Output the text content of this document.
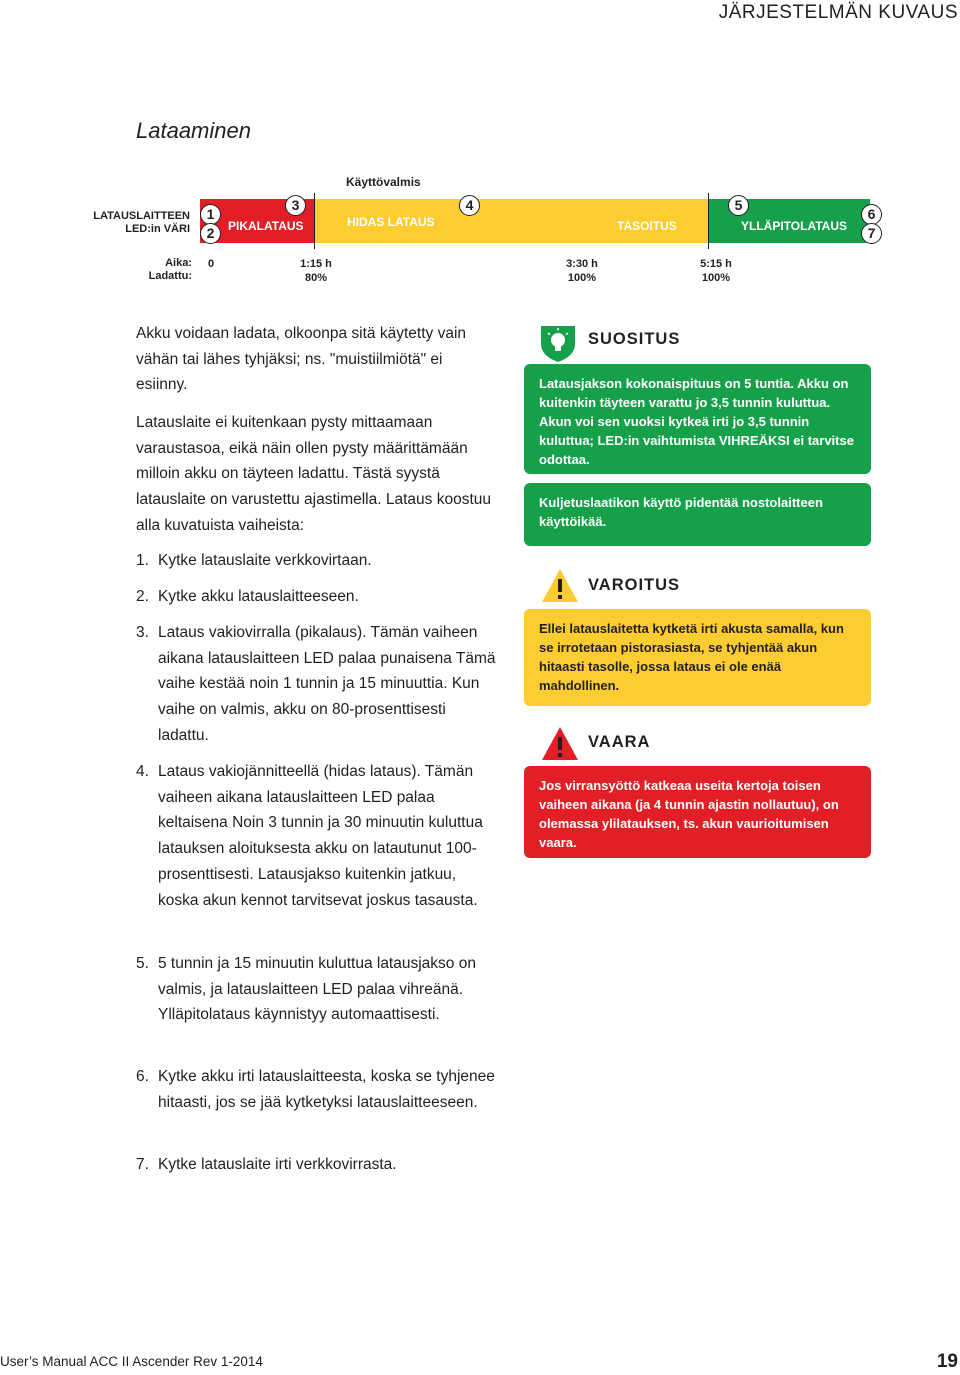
JÄRJESTELMÄN KUVAUS
Lataaminen
Käyttövalmis
LATAUSLAITTEEN
LED:in VÄRI	PIKALATAUS	HIDAS LATAUS	TASOITUS	YLLÄPITOLATAUS
1
2
3	4	5
6
7
Aika:
Ladattu:
0	1:15 h
80%
3:30 h
100%
5:15 h
100%
Akku voidaan ladata, olkoonpa sitä käytetty vain vähän tai lähes tyhjäksi; ns. "muistiilmiötä" ei esiinny.
Latauslaite ei kuitenkaan pysty mittaamaan varaustasoa, eikä näin ollen pysty määrittämään milloin akku on täyteen ladattu. Tästä syystä latauslaite on varustettu ajastimella. Lataus koostuu alla kuvatuista vaiheista:
1. Kytke latauslaite verkkovirtaan.
2. Kytke akku latauslaitteeseen.
3. Lataus vakiovirralla (pikalaus). Tämän vaiheen aikana latauslaitteen LED palaa punaisena Tämä vaihe kestää noin 1 tunnin ja 15 minuuttia. Kun vaihe on valmis, akku on 80-prosenttisesti ladattu.
4. Lataus vakiojännitteellä (hidas lataus). Tämän vaiheen aikana latauslaitteen LED palaa keltaisena Noin 3 tunnin ja 30 minuutin kuluttua latauksen aloituksesta akku on latautunut 100-prosenttisesti. Latausjakso kuitenkin jatkuu, koska akun kennot tarvitsevat joskus tasausta.
5. 5 tunnin ja 15 minuutin kuluttua latausjakso on valmis, ja latauslaitteen LED palaa vihreänä. Ylläpitolataus käynnistyy automaattisesti.
6. Kytke akku irti latauslaitteesta, koska se tyhjenee hitaasti, jos se jää kytketyksi latauslaitteeseen.
7. Kytke latauslaite irti verkkovirrasta.
SUOSITUS
Latausjakson kokonaispituus on 5 tuntia. Akku on kuitenkin täyteen varattu jo 3,5 tunnin kuluttua. Akun voi sen vuoksi kytkeä irti jo 3,5 tunnin kuluttua; LED:in vaihtumista VIHREÄKSI ei tarvitse odottaa.
Kuljetuslaatikon käyttö pidentää nostolaitteen käyttöikää.
VAROITUS
Ellei latauslaitetta kytketä irti akusta samalla, kun se irrotetaan pistorasiasta, se tyhjentää akun hitaasti tasolle, jossa lataus ei ole enää mahdollinen.
VAARA
Jos virransyöttö katkeaa useita kertoja toisen vaiheen aikana (ja 4 tunnin ajastin nollautuu), on olemassa ylilatauksen, ts. akun vaurioitumisen vaara.
User’s Manual ACC II Ascender Rev 1-2014	19
